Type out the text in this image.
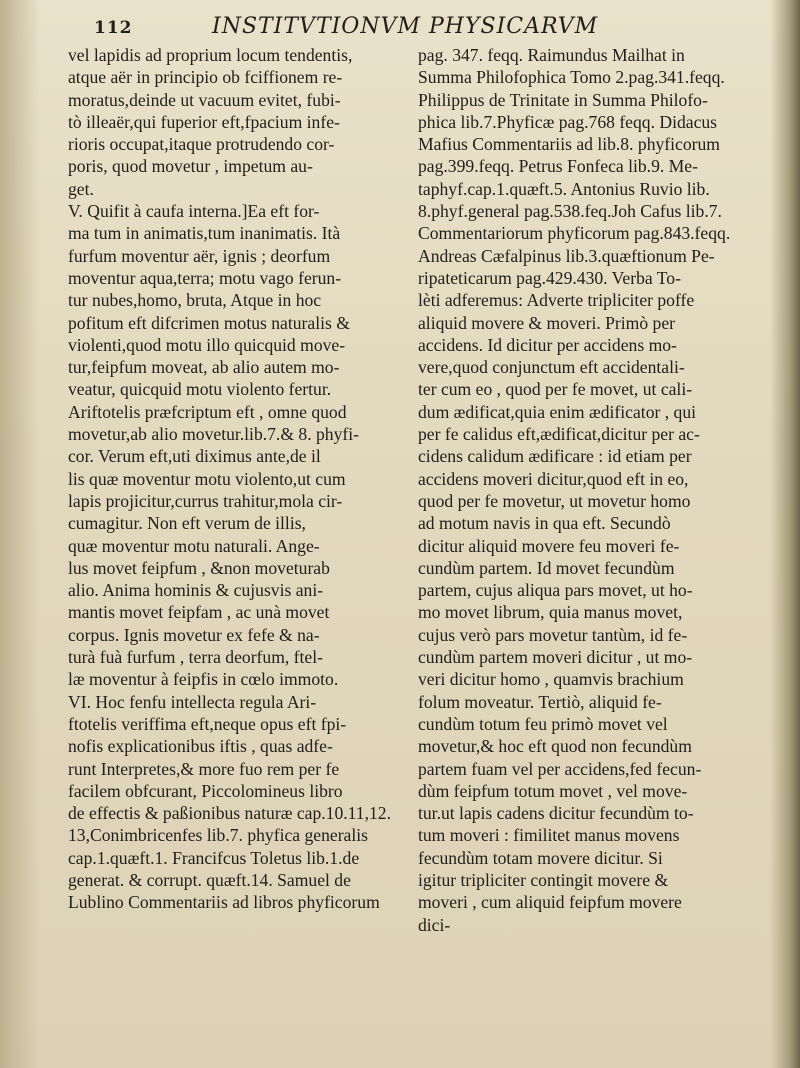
112	INSTITVTIONVM PHYSICARVM
vel lapidis ad proprium locum tendentis,
atque aër in principio ob fciffionem re-
moratus,deinde ut vacuum evitet, fubi-
tò illeaër,qui fuperior eft,fpacium infe-
rioris occupat,itaque protrudendo cor-
poris, quod movetur , impetum au-
get.
V. Quifit à caufa interna.]Ea eft for-
ma tum in animatis,tum inanimatis. Ità
furfum moventur aër, ignis ; deorfum
moventur aqua,terra; motu vago ferun-
tur nubes,homo, bruta, Atque in hoc
pofitum eft difcrimen motus naturalis &
violenti,quod motu illo quicquid move-
tur,feipfum moveat, ab alio autem mo-
veatur, quicquid motu violento fertur.
Ariftotelis præfcriptum eft , omne quod
movetur,ab alio movetur.lib.7.& 8. phyfi-
cor. Verum eft,uti diximus ante,de il
lis quæ moventur motu violento,ut cum
lapis projicitur,currus trahitur,mola cir-
cumagitur. Non eft verum de illis,
quæ moventur motu naturali. Ange-
lus movet feipfum , &non moveturab
alio. Anima hominis & cujusvis ani-
mantis movet feipfam , ac unà movet
corpus. Ignis movetur ex fefe & na-
turà fuà furfum , terra deorfum, ftel-
læ moventur à feipfis in cœlo immoto.
VI. Hoc fenfu intellecta regula Ari-
ftotelis veriffima eft,neque opus eft fpi-
nofis explicationibus iftis , quas adfe-
runt Interpretes,& more fuo rem per fe
facilem obfcurant, Piccolomineus libro
de effectis & paßionibus naturæ cap.10.11,12.
13,Conimbricenfes lib.7. phyfica generalis
cap.1.quæft.1. Francifcus Toletus lib.1.de
generat. & corrupt. quæft.14. Samuel de
Lublino Commentariis ad libros phyficorum
pag. 347. feqq. Raimundus Mailhat in
Summa Philofophica Tomo 2.pag.341.feqq.
Philippus de Trinitate in Summa Philofo-
phica lib.7.Phyficæ pag.768 feqq. Didacus
Mafius Commentariis ad lib.8. phyficorum
pag.399.feqq. Petrus Fonfeca lib.9. Me-
taphyf.cap.1.quæft.5. Antonius Ruvio lib.
8.phyf.general pag.538.feq.Joh Cafus lib.7.
Commentariorum phyficorum pag.843.feqq.
Andreas Cæfalpinus lib.3.quæftionum Pe-
ripateticarum pag.429.430. Verba To-
lèti adferemus: Adverte tripliciter poffe
aliquid movere & moveri. Primò per
accidens. Id dicitur per accidens mo-
vere,quod conjunctum eft accidentali-
ter cum eo , quod per fe movet, ut cali-
dum ædificat,quia enim ædificator , qui
per fe calidus eft,ædificat,dicitur per ac-
cidens calidum ædificare : id etiam per
accidens moveri dicitur,quod eft in eo,
quod per fe movetur, ut movetur homo
ad motum navis in qua eft. Secundò
dicitur aliquid movere feu moveri fe-
cundùm partem. Id movet fecundùm
partem, cujus aliqua pars movet, ut ho-
mo movet librum, quia manus movet,
cujus verò pars movetur tantùm, id fe-
cundùm partem moveri dicitur , ut mo-
veri dicitur homo , quamvis brachium
folum moveatur. Tertiò, aliquid fe-
cundùm totum feu primò movet vel
movetur,& hoc eft quod non fecundùm
partem fuam vel per accidens,fed fecun-
dùm feipfum totum movet , vel move-
tur.ut lapis cadens dicitur fecundùm to-
tum moveri : fimilitet manus movens
fecundùm totam movere dicitur. Si
igitur tripliciter contingit movere &
moveri , cum aliquid feipfum movere
dici-
